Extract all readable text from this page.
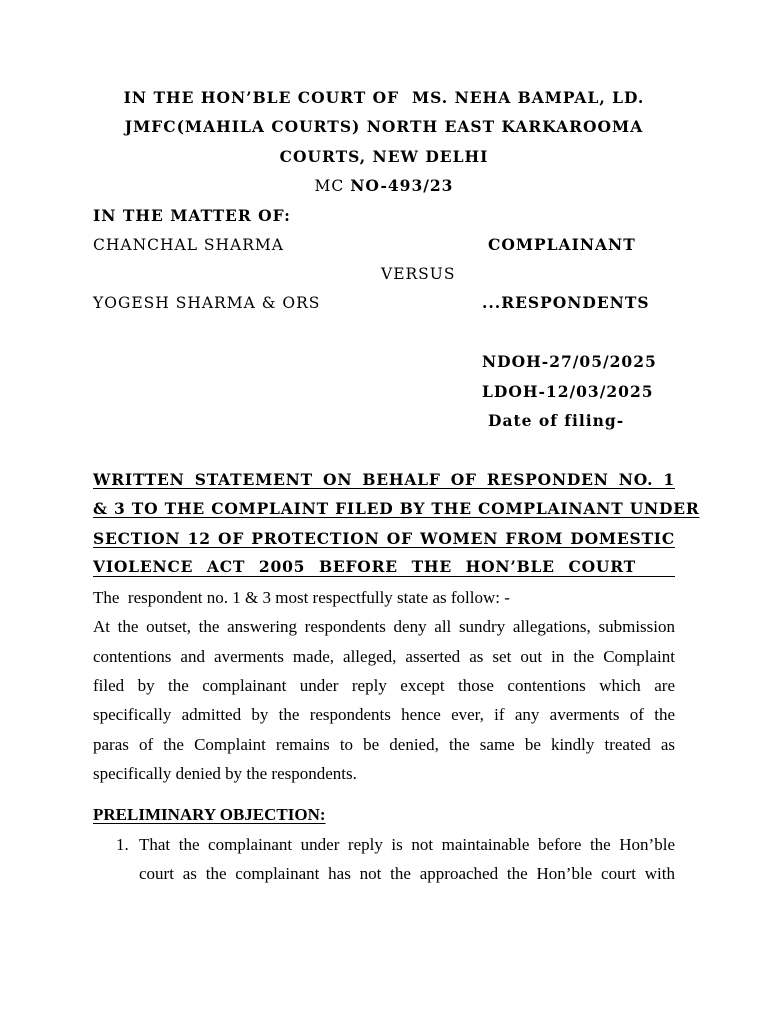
IN THE HON’BLE COURT OF  MS. NEHA BAMPAL, LD.
JMFC(MAHILA COURTS) NORTH EAST KARKAROOMA
COURTS, NEW DELHI
MC NO-493/23
IN THE MATTER OF:
CHANCHAL SHARMA	COMPLAINANT
VERSUS
YOGESH SHARMA & ORS	...RESPONDENTS
NDOH-27/05/2025
LDOH-12/03/2025
Date of filing-
WRITTEN STATEMENT ON BEHALF OF RESPONDEN NO. 1
& 3 TO THE COMPLAINT FILED BY THE COMPLAINANT UNDER
SECTION 12 OF PROTECTION OF WOMEN FROM DOMESTIC
VIOLENCE ACT 2005 BEFORE THE HON’BLE COURT
The  respondent no. 1 & 3 most respectfully state as follow: -
At the outset, the answering respondents deny all sundry allegations, submission
contentions and averments made, alleged, asserted as set out in the Complaint
filed by the complainant under reply except those contentions which are
specifically admitted by the respondents hence ever, if any averments of the
paras of the Complaint remains to be denied, the same be kindly treated as
specifically denied by the respondents.
PRELIMINARY OBJECTION:
1. That the complainant under reply is not maintainable before the Hon’ble
court as the complainant has not the approached the Hon’ble court with
